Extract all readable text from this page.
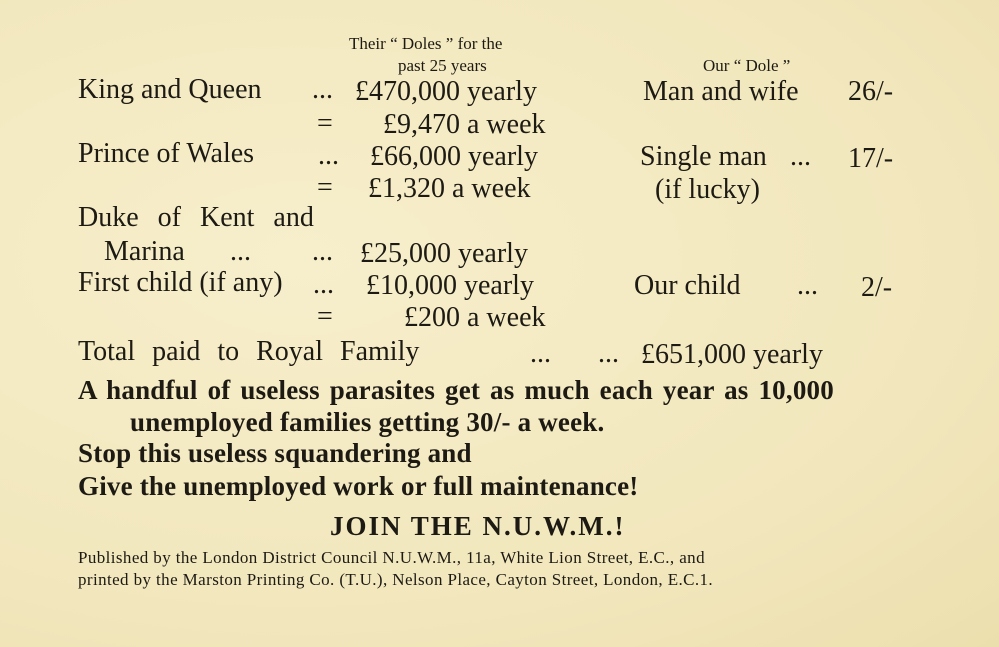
Their “ Doles ” for the
past 25 years	Our “ Dole ”
King and Queen ... £470,000 yearly	Man and wife 26/-
= £9,470 a week
Prince of Wales ... £66,000 yearly	Single man ... 17/-
= £1,320 a week	(if lucky)
Duke of Kent and
Marina ... ... £25,000 yearly
First child (if any) ... £10,000 yearly	Our child ... 2/-
=	£200 a week
Total paid to Royal Family	... ... £651,000 yearly
A handful of useless parasites get as much each year as 10,000
unemployed families getting 30/- a week.
Stop this useless squandering and
Give the unemployed work or full maintenance!
JOIN THE N.U.W.M.!
Published by the London District Council N.U.W.M., 11a, White Lion Street, E.C., and
printed by the Marston Printing Co. (T.U.), Nelson Place, Cayton Street, London, E.C.1.
